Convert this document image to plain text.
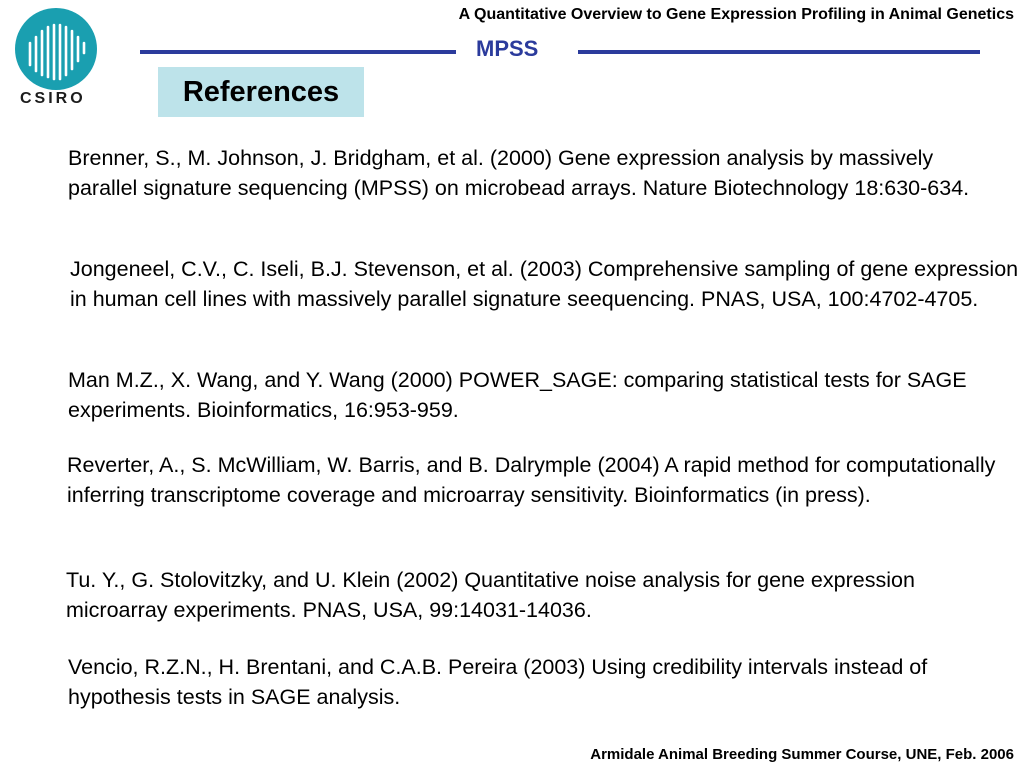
CSIRO
A Quantitative Overview to Gene Expression Profiling in Animal Genetics
MPSS
References

Brenner, S., M. Johnson, J. Bridgham, et al. (2000) Gene expression analysis by massively parallel signature sequencing (MPSS) on microbead arrays. Nature Biotechnology 18:630-634.

Jongeneel, C.V., C. Iseli, B.J. Stevenson, et al. (2003) Comprehensive sampling of gene expression in human cell lines with massively parallel signature seequencing. PNAS, USA, 100:4702-4705.

Man M.Z., X. Wang, and Y. Wang (2000) POWER_SAGE: comparing statistical tests for SAGE experiments. Bioinformatics, 16:953-959.

Reverter, A., S. McWilliam, W. Barris, and B. Dalrymple (2004) A rapid method for computationally inferring transcriptome coverage and microarray sensitivity. Bioinformatics (in press).

Tu. Y., G. Stolovitzky, and U. Klein (2002) Quantitative noise analysis for gene expression microarray experiments. PNAS, USA, 99:14031-14036.

Vencio, R.Z.N., H. Brentani, and C.A.B. Pereira (2003) Using credibility intervals instead of hypothesis tests in SAGE analysis.

Armidale Animal Breeding Summer Course, UNE, Feb. 2006
